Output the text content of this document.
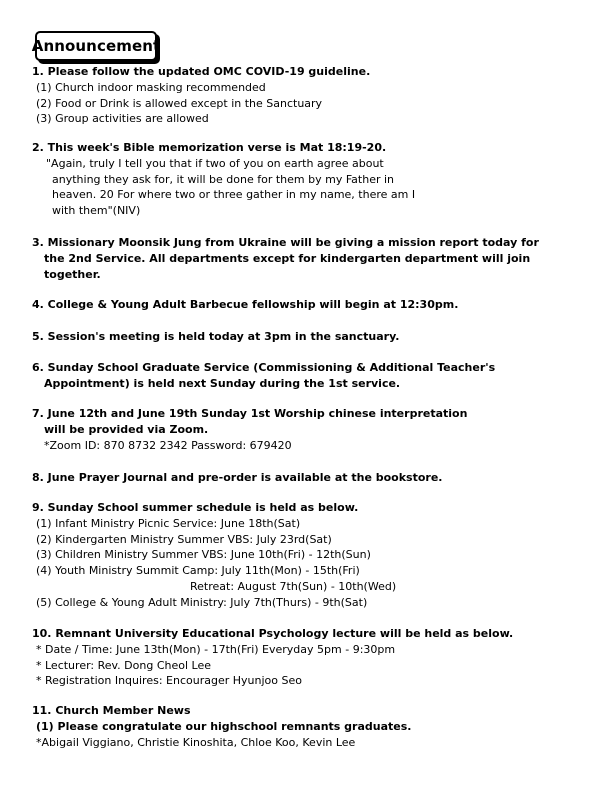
Announcement
1. Please follow the updated OMC COVID-19 guideline.
(1) Church indoor masking recommended
(2) Food or Drink is allowed except in the Sanctuary
(3) Group activities are allowed
2. This week's Bible memorization verse is Mat 18:19-20.
"Again, truly I tell you that if two of you on earth agree about
anything they ask for, it will be done for them by my Father in
heaven. 20 For where two or three gather in my name, there am I
with them"(NIV)
3. Missionary Moonsik Jung from Ukraine will be giving a mission report today for
the 2nd Service. All departments except for kindergarten department will join
together.
4. College & Young Adult Barbecue fellowship will begin at 12:30pm.
5. Session's meeting is held today at 3pm in the sanctuary.
6. Sunday School Graduate Service (Commissioning & Additional Teacher's
Appointment) is held next Sunday during the 1st service.
7. June 12th and June 19th Sunday 1st Worship chinese interpretation
will be provided via Zoom.
*Zoom ID: 870 8732 2342 Password: 679420
8. June Prayer Journal and pre-order is available at the bookstore.
9. Sunday School summer schedule is held as below.
(1) Infant Ministry Picnic Service: June 18th(Sat)
(2) Kindergarten Ministry Summer VBS: July 23rd(Sat)
(3) Children Ministry Summer VBS: June 10th(Fri) - 12th(Sun)
(4) Youth Ministry Summit Camp: July 11th(Mon) - 15th(Fri)
Retreat: August 7th(Sun) - 10th(Wed)
(5) College & Young Adult Ministry: July 7th(Thurs) - 9th(Sat)
10. Remnant University Educational Psychology lecture will be held as below.
* Date / Time: June 13th(Mon) - 17th(Fri) Everyday 5pm - 9:30pm
* Lecturer: Rev. Dong Cheol Lee
* Registration Inquires: Encourager Hyunjoo Seo
11. Church Member News
(1) Please congratulate our highschool remnants graduates.
*Abigail Viggiano, Christie Kinoshita, Chloe Koo, Kevin Lee
